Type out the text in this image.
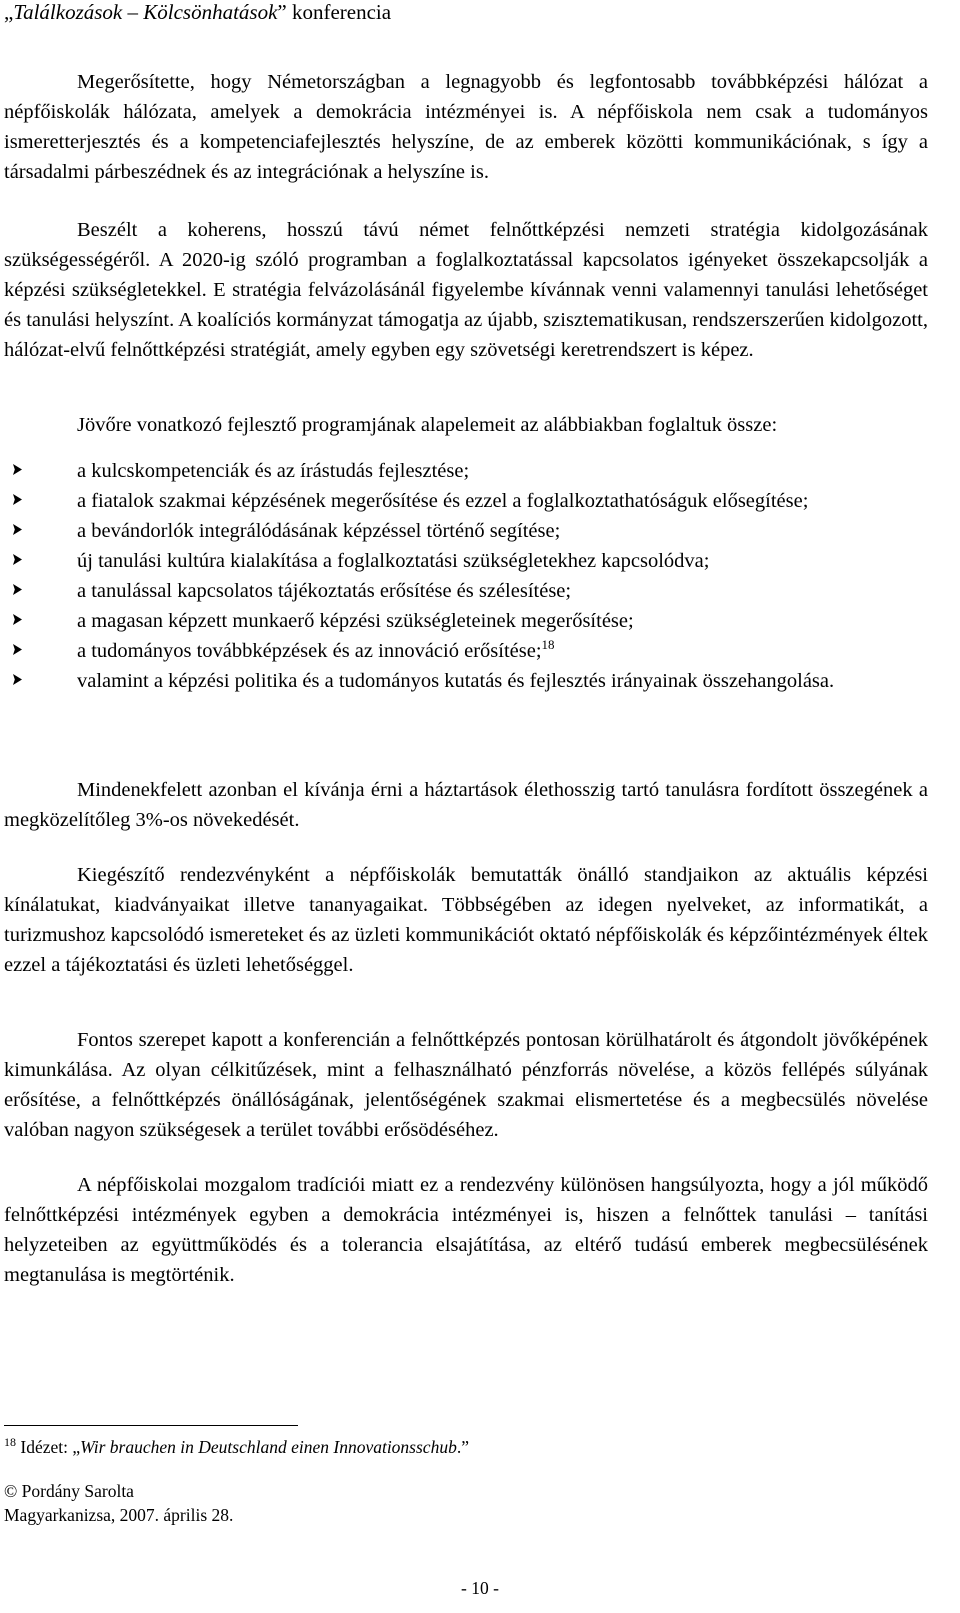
„Találkozások – Kölcsönhatások” konferencia

Megerősítette, hogy Németországban a legnagyobb és legfontosabb továbbképzési hálózat a népfőiskolák hálózata, amelyek a demokrácia intézményei is. A népfőiskola nem csak a tudományos ismeretterjesztés és a kompetenciafejlesztés helyszíne, de az emberek közötti kommunikációnak, s így a társadalmi párbeszédnek és az integrációnak a helyszíne is.

Beszélt a koherens, hosszú távú német felnőttképzési nemzeti stratégia kidolgozásának szükségességéről. A 2020-ig szóló programban a foglalkoztatással kapcsolatos igényeket összekapcsolják a képzési szükségletekkel. E stratégia felvázolásánál figyelembe kívánnak venni valamennyi tanulási lehetőséget és tanulási helyszínt. A koalíciós kormányzat támogatja az újabb, szisztematikusan, rendszerszerűen kidolgozott, hálózat-elvű felnőttképzési stratégiát, amely egyben egy szövetségi keretrendszert is képez.

Jövőre vonatkozó fejlesztő programjának alapelemeit az alábbiakban foglaltuk össze:

a kulcskompetenciák és az írástudás fejlesztése;
a fiatalok szakmai képzésének megerősítése és ezzel a foglalkoztathatóságuk elősegítése;
a bevándorlók integrálódásának képzéssel történő segítése;
új tanulási kultúra kialakítása a foglalkoztatási szükségletekhez kapcsolódva;
a tanulással kapcsolatos tájékoztatás erősítése és szélesítése;
a magasan képzett munkaerő képzési szükségleteinek megerősítése;
a tudományos továbbképzések és az innováció erősítése;$^{18}$
valamint a képzési politika és a tudományos kutatás és fejlesztés irányainak összehangolása.

Mindenekfelett azonban el kívánja érni a háztartások élethosszig tartó tanulásra fordított összegének a megközelítőleg 3%-os növekedését.

Kiegészítő rendezvényként a népfőiskolák bemutatták önálló standjaikon az aktuális képzési kínálatukat, kiadványaikat illetve tananyagaikat. Többségében az idegen nyelveket, az informatikát, a turizmushoz kapcsolódó ismereteket és az üzleti kommunikációt oktató népfőiskolák és képzőintézmények éltek ezzel a tájékoztatási és üzleti lehetőséggel.

Fontos szerepet kapott a konferencián a felnőttképzés pontosan körülhatárolt és átgondolt jövőképének kimunkálása. Az olyan célkitűzések, mint a felhasználható pénzforrás növelése, a közös fellépés súlyának erősítése, a felnőttképzés önállóságának, jelentőségének szakmai elismertetése és a megbecsülés növelése valóban nagyon szükségesek a terület további erősödéséhez.

A népfőiskolai mozgalom tradíciói miatt ez a rendezvény különösen hangsúlyozta, hogy a jól működő felnőttképzési intézmények egyben a demokrácia intézményei is, hiszen a felnőttek tanulási – tanítási helyzeteiben az együttműködés és a tolerancia elsajátítása, az eltérő tudású emberek megbecsülésének megtanulása is megtörténik.

$^{18}$ Idézet: „Wir brauchen in Deutschland einen Innovationsschub.”
© Pordány Sarolta
Magyarkanizsa, 2007. április 28.
- 10 -
